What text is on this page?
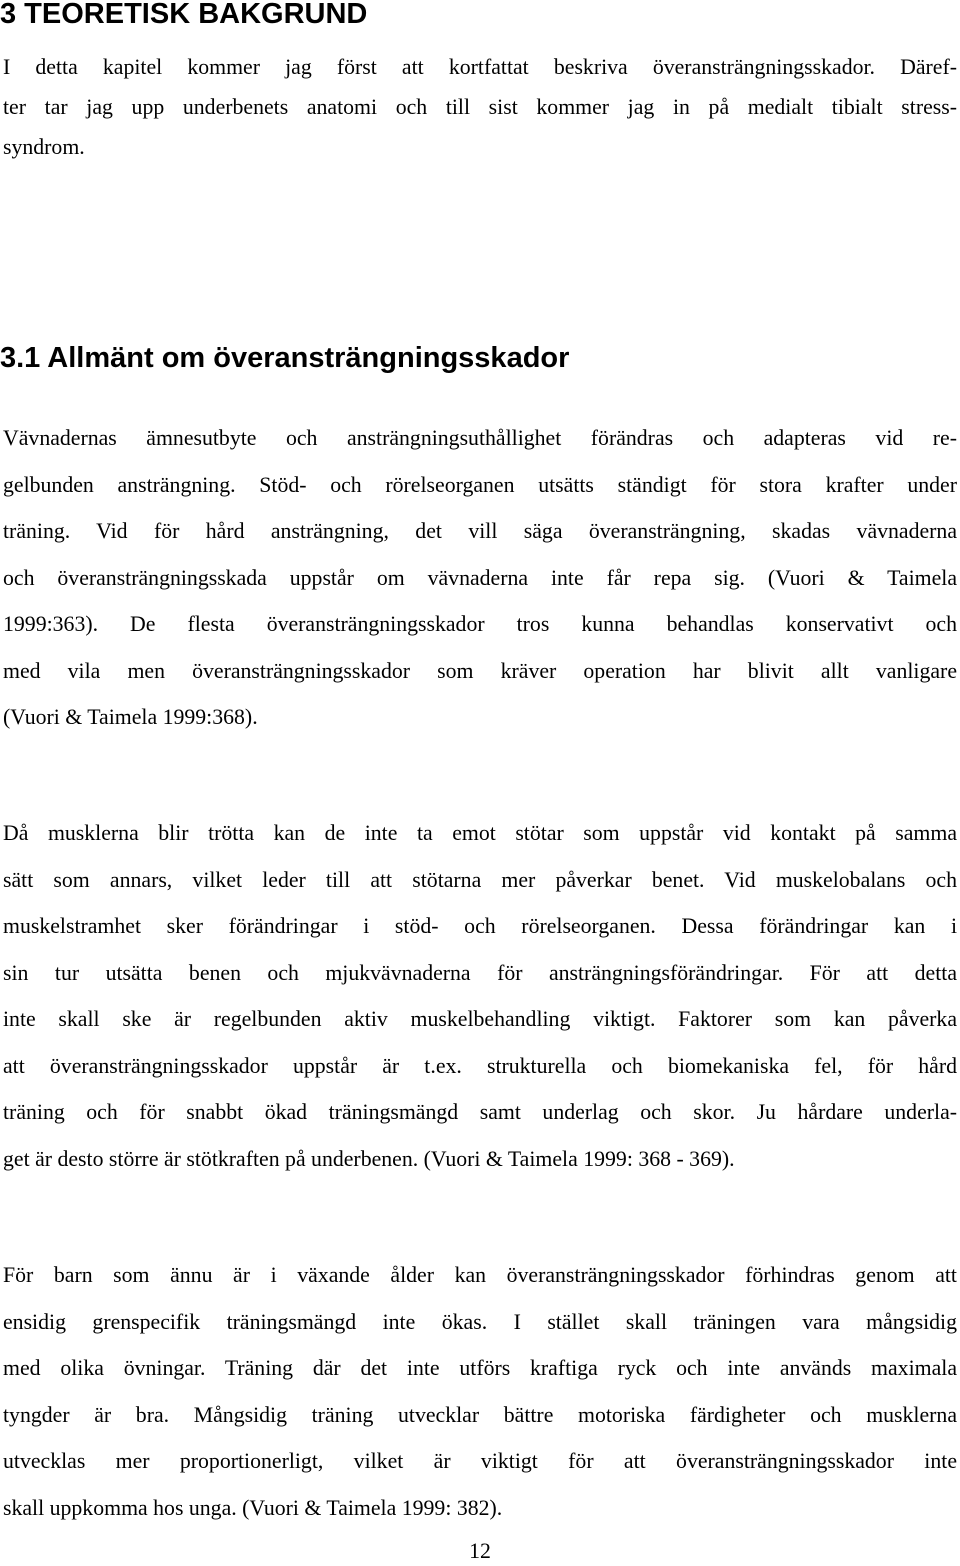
3 TEORETISK BAKGRUND

I detta kapitel kommer jag först att kortfattat beskriva överansträngningsskador. Däref-
ter tar jag upp underbenets anatomi och till sist kommer jag in på medialt tibialt stress-
syndrom.

3.1 Allmänt om överansträngningsskador

Vävnadernas ämnesutbyte och ansträngningsuthållighet förändras och adapteras vid re-
gelbunden ansträngning. Stöd- och rörelseorganen utsätts ständigt för stora krafter under
träning. Vid för hård ansträngning, det vill säga överansträngning, skadas vävnaderna
och överansträngningsskada uppstår om vävnaderna inte får repa sig. (Vuori & Taimela
1999:363). De flesta överansträngningsskador tros kunna behandlas konservativt och
med vila men överansträngningsskador som kräver operation har blivit allt vanligare
(Vuori & Taimela 1999:368).

Då musklerna blir trötta kan de inte ta emot stötar som uppstår vid kontakt på samma
sätt som annars, vilket leder till att stötarna mer påverkar benet. Vid muskelobalans och
muskelstramhet sker förändringar i stöd- och rörelseorganen. Dessa förändringar kan i
sin tur utsätta benen och mjukvävnaderna för ansträngningsförändringar. För att detta
inte skall ske är regelbunden aktiv muskelbehandling viktigt. Faktorer som kan påverka
att överansträngningsskador uppstår är t.ex. strukturella och biomekaniska fel, för hård
träning och för snabbt ökad träningsmängd samt underlag och skor. Ju hårdare underla-
get är desto större är stötkraften på underbenen. (Vuori & Taimela 1999: 368 - 369).

För barn som ännu är i växande ålder kan överansträngningsskador förhindras genom att
ensidig grenspecifik träningsmängd inte ökas. I stället skall träningen vara mångsidig
med olika övningar. Träning där det inte utförs kraftiga ryck och inte används maximala
tyngder är bra. Mångsidig träning utvecklar bättre motoriska färdigheter och musklerna
utvecklas mer proportionerligt, vilket är viktigt för att överansträngningsskador inte
skall uppkomma hos unga. (Vuori & Taimela 1999: 382).

12
